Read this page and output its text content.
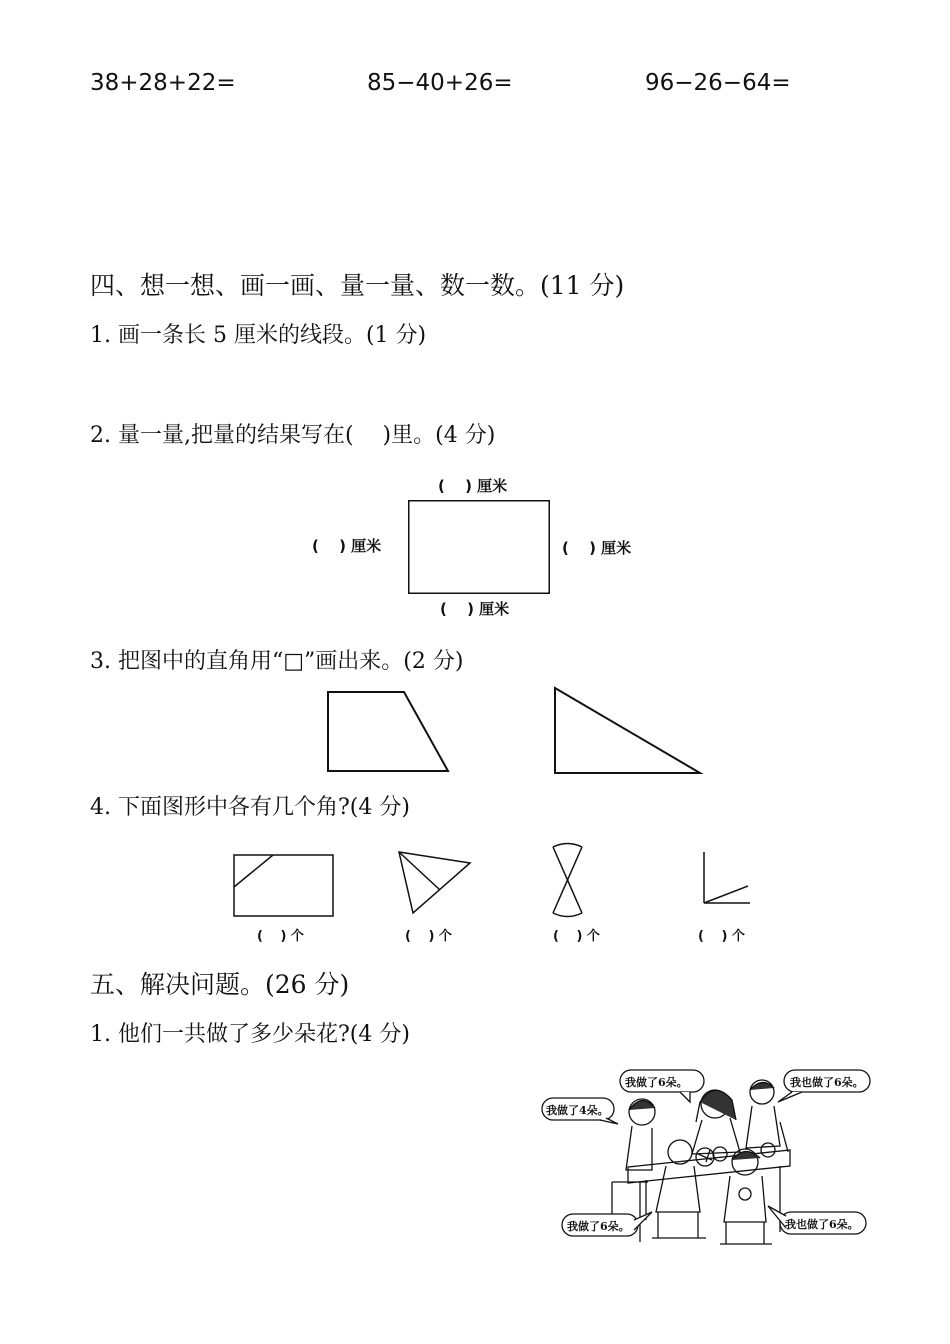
38+28+22=	85−40+26=	96−26−64=
四、想一想、画一画、量一量、数一数。(11 分)
1. 画一条长 5 厘米的线段。(1 分)
2. 量一量,把量的结果写在(　 )里。(4 分)
(　 ) 厘米
(　 ) 厘米	(　 ) 厘米
(　 ) 厘米
3. 把图中的直角用“□”画出来。(2 分)
4. 下面图形中各有几个角?(4 分)
(　 ) 个	(　 ) 个	(　 ) 个	(　 ) 个
五、解决问题。(26 分)
1. 他们一共做了多少朵花?(4 分)
我做了6朵。	我也做了6朵。
我做了4朵。
我做了6朵。	我也做了6朵。
